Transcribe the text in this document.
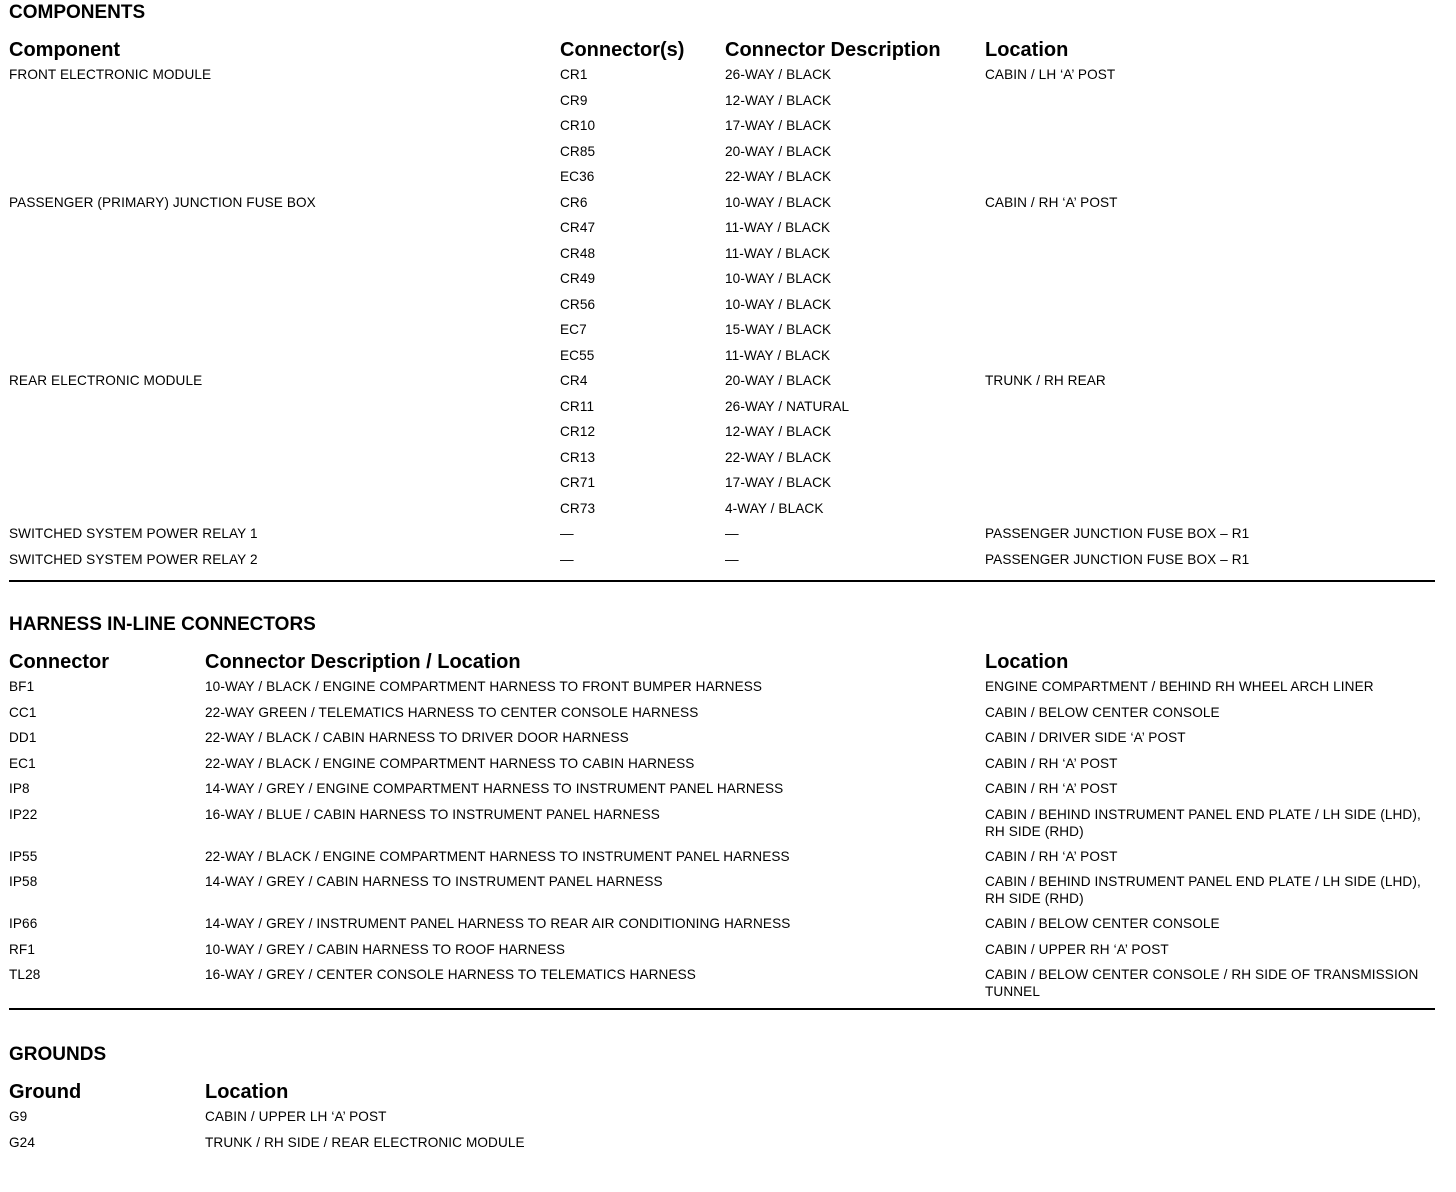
COMPONENTS
Component	Connector(s)	Connector Description	Location
FRONT ELECTRONIC MODULE	CR1	26-WAY / BLACK	CABIN / LH ‘A’ POST
	CR9	12-WAY / BLACK	
	CR10	17-WAY / BLACK	
	CR85	20-WAY / BLACK	
	EC36	22-WAY / BLACK	
PASSENGER (PRIMARY) JUNCTION FUSE BOX	CR6	10-WAY / BLACK	CABIN / RH ‘A’ POST
	CR47	11-WAY / BLACK	
	CR48	11-WAY / BLACK	
	CR49	10-WAY / BLACK	
	CR56	10-WAY / BLACK	
	EC7	15-WAY / BLACK	
	EC55	11-WAY / BLACK	
REAR ELECTRONIC MODULE	CR4	20-WAY / BLACK	TRUNK / RH REAR
	CR11	26-WAY / NATURAL	
	CR12	12-WAY / BLACK	
	CR13	22-WAY / BLACK	
	CR71	17-WAY / BLACK	
	CR73	4-WAY / BLACK	
SWITCHED SYSTEM POWER RELAY 1	—	—	PASSENGER JUNCTION FUSE BOX – R1
SWITCHED SYSTEM POWER RELAY 2	—	—	PASSENGER JUNCTION FUSE BOX – R1
HARNESS IN-LINE CONNECTORS
Connector	Connector Description / Location	Location
BF1	10-WAY / BLACK / ENGINE COMPARTMENT HARNESS TO FRONT BUMPER HARNESS	ENGINE COMPARTMENT / BEHIND RH WHEEL ARCH LINER
CC1	22-WAY GREEN / TELEMATICS HARNESS TO CENTER CONSOLE HARNESS	CABIN / BELOW CENTER CONSOLE
DD1	22-WAY / BLACK / CABIN HARNESS TO DRIVER DOOR HARNESS	CABIN / DRIVER SIDE ‘A’ POST
EC1	22-WAY / BLACK / ENGINE COMPARTMENT HARNESS TO CABIN HARNESS	CABIN / RH ‘A’ POST
IP8	14-WAY / GREY / ENGINE COMPARTMENT HARNESS TO INSTRUMENT PANEL HARNESS	CABIN / RH ‘A’ POST
IP22	16-WAY / BLUE / CABIN HARNESS TO INSTRUMENT PANEL HARNESS	CABIN / BEHIND INSTRUMENT PANEL END PLATE / LH SIDE (LHD), RH SIDE (RHD)
IP55	22-WAY / BLACK / ENGINE COMPARTMENT HARNESS TO INSTRUMENT PANEL HARNESS	CABIN / RH ‘A’ POST
IP58	14-WAY / GREY / CABIN HARNESS TO INSTRUMENT PANEL HARNESS	CABIN / BEHIND INSTRUMENT PANEL END PLATE / LH SIDE (LHD), RH SIDE (RHD)
IP66	14-WAY / GREY / INSTRUMENT PANEL HARNESS TO REAR AIR CONDITIONING HARNESS	CABIN / BELOW CENTER CONSOLE
RF1	10-WAY / GREY / CABIN HARNESS TO ROOF HARNESS	CABIN / UPPER RH ‘A’ POST
TL28	16-WAY / GREY / CENTER CONSOLE HARNESS TO TELEMATICS HARNESS	CABIN / BELOW CENTER CONSOLE / RH SIDE OF TRANSMISSION TUNNEL
GROUNDS
Ground	Location
G9	CABIN / UPPER LH ‘A’ POST
G24	TRUNK / RH SIDE / REAR ELECTRONIC MODULE
